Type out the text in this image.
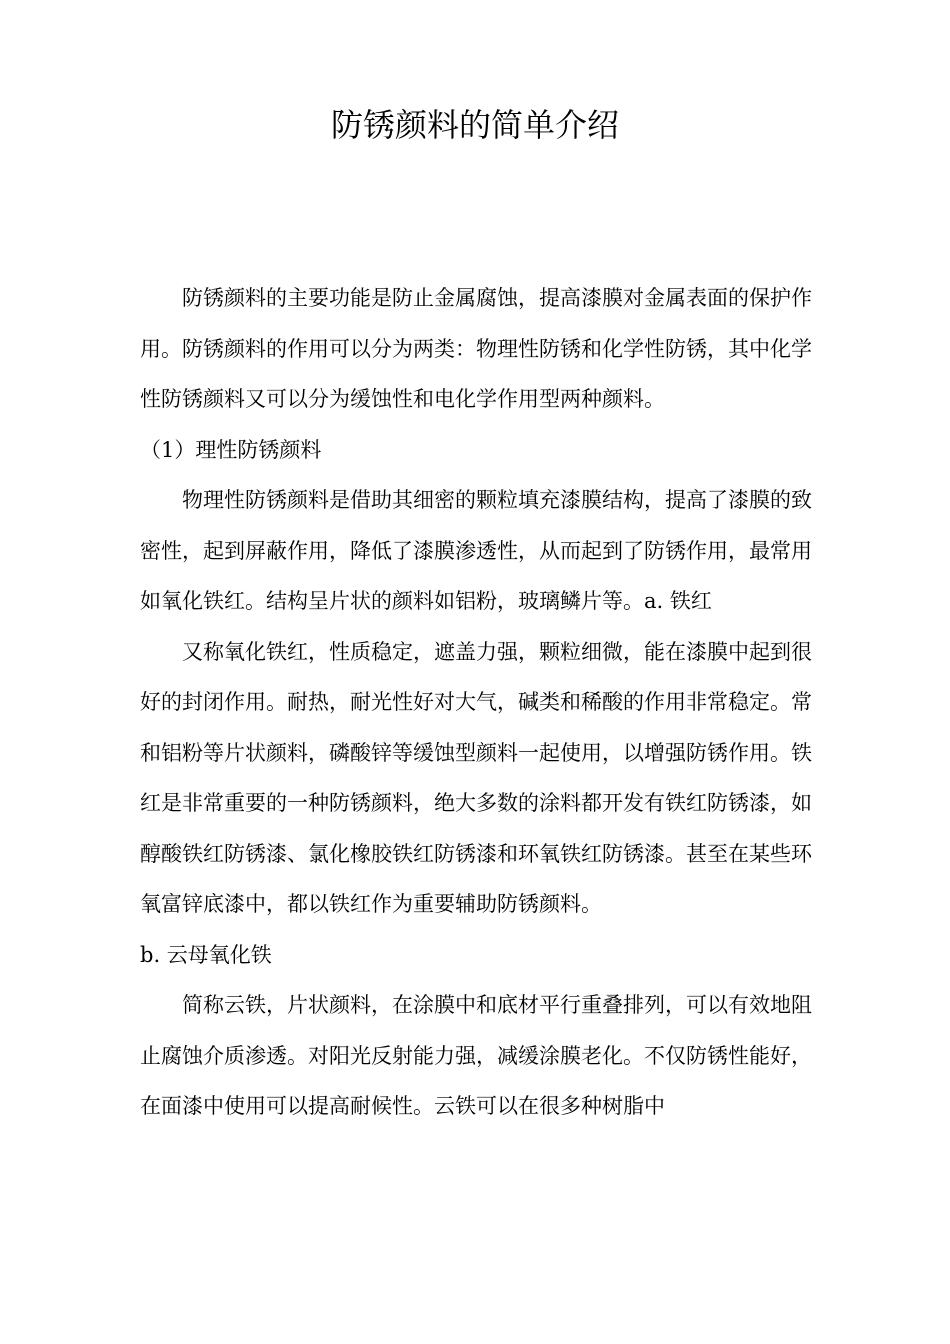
防锈颜料的简单介绍

防锈颜料的主要功能是防止金属腐蚀，提高漆膜对金属表面的保护作用。防锈颜料的作用可以分为两类：物理性防锈和化学性防锈，其中化学性防锈颜料又可以分为缓蚀性和电化学作用型两种颜料。

（1）理性防锈颜料

物理性防锈颜料是借助其细密的颗粒填充漆膜结构，提高了漆膜的致密性，起到屏蔽作用，降低了漆膜渗透性，从而起到了防锈作用，最常用如氧化铁红。结构呈片状的颜料如铝粉，玻璃鳞片等。a. 铁红

又称氧化铁红，性质稳定，遮盖力强，颗粒细微，能在漆膜中起到很好的封闭作用。耐热，耐光性好对大气，碱类和稀酸的作用非常稳定。常和铝粉等片状颜料，磷酸锌等缓蚀型颜料一起使用，以增强防锈作用。铁红是非常重要的一种防锈颜料，绝大多数的涂料都开发有铁红防锈漆，如醇酸铁红防锈漆、氯化橡胶铁红防锈漆和环氧铁红防锈漆。甚至在某些环氧富锌底漆中，都以铁红作为重要辅助防锈颜料。

b. 云母氧化铁

简称云铁，片状颜料，在涂膜中和底材平行重叠排列，可以有效地阻止腐蚀介质渗透。对阳光反射能力强，减缓涂膜老化。不仅防锈性能好，在面漆中使用可以提高耐候性。云铁可以在很多种树脂中
